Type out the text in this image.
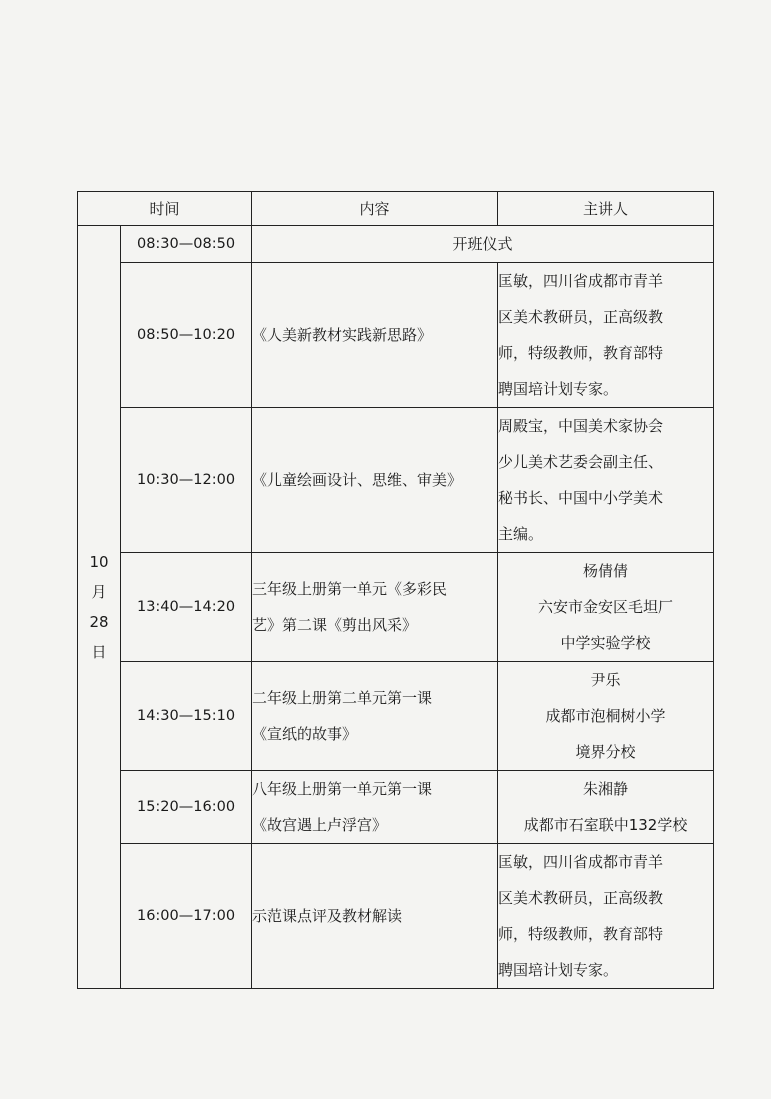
时间		内容	主讲人

10
月
28
日	08:30—08:50	开班仪式	

	08:50—10:20	《人美新教材实践新思路》	匡敏，四川省成都市青羊
区美术教研员，正高级教
师，特级教师，教育部特
聘国培计划专家。

	10:30—12:00	《儿童绘画设计、思维、审美》	周殿宝，中国美术家协会
少儿美术艺委会副主任、
秘书长、中国中小学美术
主编。

	13:40—14:20	三年级上册第一单元《多彩民
艺》第二课《剪出风采》	杨倩倩
六安市金安区毛坦厂
中学实验学校

	14:30—15:10	二年级上册第二单元第一课
《宣纸的故事》	尹乐
成都市泡桐树小学
境界分校

	15:20—16:00	八年级上册第一单元第一课
《故宫遇上卢浮宫》	朱湘静
成都市石室联中132学校

	16:00—17:00	示范课点评及教材解读	匡敏，四川省成都市青羊
区美术教研员，正高级教
师，特级教师，教育部特
聘国培计划专家。
